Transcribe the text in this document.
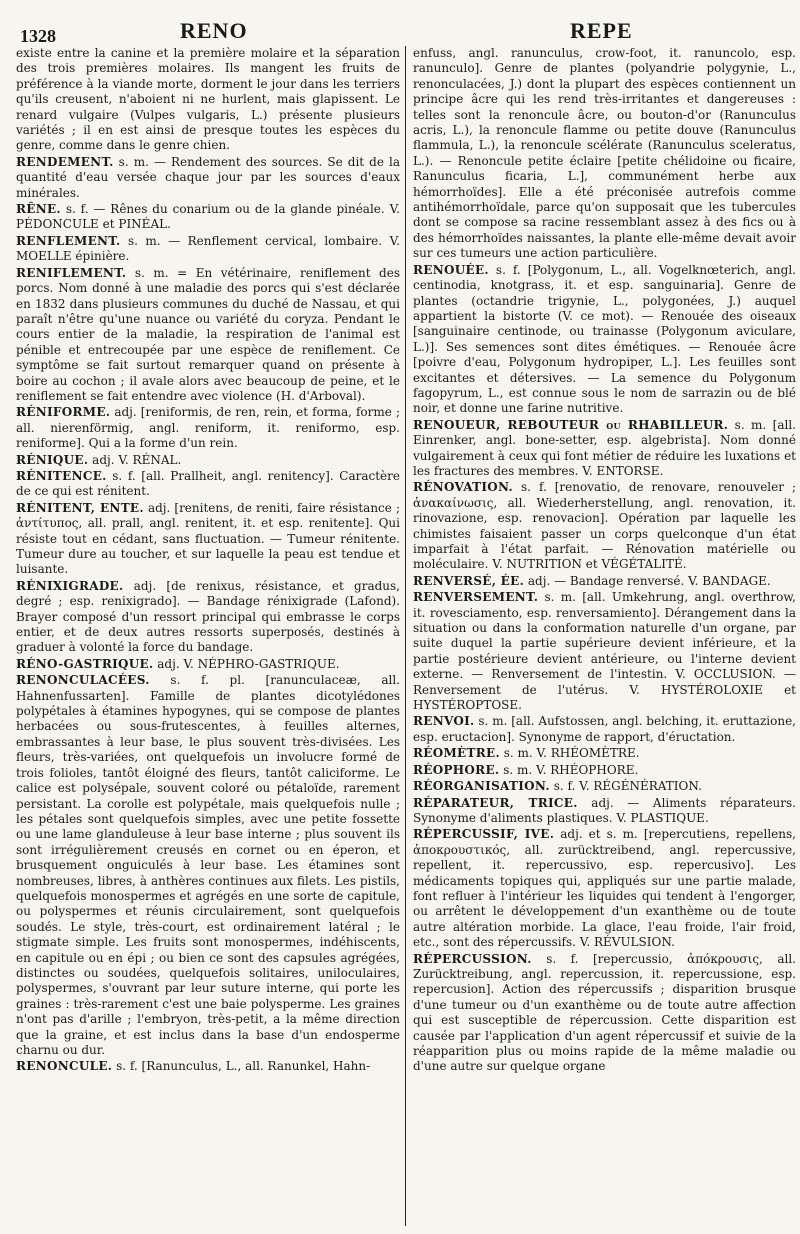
1328	RENO	REPE

existe entre la canine et la première molaire et la séparation des trois premières molaires. Ils mangent les fruits de préférence à la viande morte, dorment le jour dans les terriers qu'ils creusent, n'aboient ni ne hurlent, mais glapissent. Le renard vulgaire (Vulpes vulgaris, L.) présente plusieurs variétés ; il en est ainsi de presque toutes les espèces du genre, comme dans le genre chien.

RENDEMENT. s. m. — Rendement des sources. Se dit de la quantité d'eau versée chaque jour par les sources d'eaux minérales.

RÊNE. s. f. — Rênes du conarium ou de la glande pinéale. V. PÉDONCULE et PINÉAL.

RENFLEMENT. s. m. — Renflement cervical, lombaire. V. MOELLE épinière.

RENIFLEMENT. s. m. = En vétérinaire, reniflement des porcs. Nom donné à une maladie des porcs qui s'est déclarée en 1832 dans plusieurs communes du duché de Nassau, et qui paraît n'être qu'une nuance ou variété du coryza. Pendant le cours entier de la maladie, la respiration de l'animal est pénible et entrecoupée par une espèce de reniflement. Ce symptôme se fait surtout remarquer quand on présente à boire au cochon ; il avale alors avec beaucoup de peine, et le reniflement se fait entendre avec violence (H. d'Arboval).

RÉNIFORME. adj. [reniformis, de ren, rein, et forma, forme ; all. nierenförmig, angl. reniform, it. reniformo, esp. reniforme]. Qui a la forme d'un rein.

RÉNIQUE. adj. V. RÉNAL.

RÉNITENCE. s. f. [all. Prallheit, angl. renitency]. Caractère de ce qui est rénitent.

RÉNITENT, ENTE. adj. [renitens, de reniti, faire résistance ; ἀντίτυπος, all. prall, angl. renitent, it. et esp. renitente]. Qui résiste tout en cédant, sans fluctuation. — Tumeur rénitente. Tumeur dure au toucher, et sur laquelle la peau est tendue et luisante.

RÉNIXIGRADE. adj. [de renixus, résistance, et gradus, degré ; esp. renixigrado]. — Bandage rénixigrade (Lafond). Brayer composé d'un ressort principal qui embrasse le corps entier, et de deux autres ressorts superposés, destinés à graduer à volonté la force du bandage.

RÉNO-GASTRIQUE. adj. V. NÉPHRO-GASTRIQUE.

RENONCULACÉES. s. f. pl. [ranunculaceæ, all. Hahnenfussarten]. Famille de plantes dicotylédones polypétales à étamines hypogynes, qui se compose de plantes herbacées ou sous-frutescentes, à feuilles alternes, embrassantes à leur base, le plus souvent très-divisées. Les fleurs, très-variées, ont quelquefois un involucre formé de trois folioles, tantôt éloigné des fleurs, tantôt caliciforme. Le calice est polysépale, souvent coloré ou pétaloïde, rarement persistant. La corolle est polypétale, mais quelquefois nulle ; les pétales sont quelquefois simples, avec une petite fossette ou une lame glanduleuse à leur base interne ; plus souvent ils sont irrégulièrement creusés en cornet ou en éperon, et brusquement onguiculés à leur base. Les étamines sont nombreuses, libres, à anthères continues aux filets. Les pistils, quelquefois monospermes et agrégés en une sorte de capitule, ou polyspermes et réunis circulairement, sont quelquefois soudés. Le style, très-court, est ordinairement latéral ; le stigmate simple. Les fruits sont monospermes, indéhiscents, en capitule ou en épi ; ou bien ce sont des capsules agrégées, distinctes ou soudées, quelquefois solitaires, uniloculaires, polyspermes, s'ouvrant par leur suture interne, qui porte les graines : très-rarement c'est une baie polysperme. Les graines n'ont pas d'arille ; l'embryon, très-petit, a la même direction que la graine, et est inclus dans la base d'un endosperme charnu ou dur.

RENONCULE. s. f. [Ranunculus, L., all. Ranunkel, Hahn-

enfuss, angl. ranunculus, crow-foot, it. ranuncolo, esp. ranunculo]. Genre de plantes (polyandrie polygynie, L., renonculacées, J.) dont la plupart des espèces contiennent un principe âcre qui les rend très-irritantes et dangereuses : telles sont la renoncule âcre, ou bouton-d'or (Ranunculus acris, L.), la renoncule flamme ou petite douve (Ranunculus flammula, L.), la renoncule scélérate (Ranunculus sceleratus, L.). — Renoncule petite éclaire [petite chélidoine ou ficaire, Ranunculus ficaria, L.], communément herbe aux hémorrhoïdes]. Elle a été préconisée autrefois comme antihémorrhoïdale, parce qu'on supposait que les tubercules dont se compose sa racine ressemblant assez à des fics ou à des hémorrhoïdes naissantes, la plante elle-même devait avoir sur ces tumeurs une action particulière.

RENOUÉE. s. f. [Polygonum, L., all. Vogelknœterich, angl. centinodia, knotgrass, it. et esp. sanguinaria]. Genre de plantes (octandrie trigynie, L., polygonées, J.) auquel appartient la bistorte (V. ce mot). — Renouée des oiseaux [sanguinaire centinode, ou trainasse (Polygonum aviculare, L.)]. Ses semences sont dites émétiques. — Renouée âcre [poivre d'eau, Polygonum hydropiper, L.]. Les feuilles sont excitantes et détersives. — La semence du Polygonum fagopyrum, L., est connue sous le nom de sarrazin ou de blé noir, et donne une farine nutritive.

RENOUEUR, REBOUTEUR ou RHABILLEUR. s. m. [all. Einrenker, angl. bone-setter, esp. algebrista]. Nom donné vulgairement à ceux qui font métier de réduire les luxations et les fractures des membres. V. ENTORSE.

RÉNOVATION. s. f. [renovatio, de renovare, renouveler ; ἀνακαίνωσις, all. Wiederherstellung, angl. renovation, it. rinovazione, esp. renovacion]. Opération par laquelle les chimistes faisaient passer un corps quelconque d'un état imparfait à l'état parfait. — Rénovation matérielle ou moléculaire. V. NUTRITION et VÉGÉTALITÉ.

RENVERSÉ, ÉE. adj. — Bandage renversé. V. BANDAGE.

RENVERSEMENT. s. m. [all. Umkehrung, angl. overthrow, it. rovesciamento, esp. renversamiento]. Dérangement dans la situation ou dans la conformation naturelle d'un organe, par suite duquel la partie supérieure devient inférieure, et la partie postérieure devient antérieure, ou l'interne devient externe. — Renversement de l'intestin. V. OCCLUSION. — Renversement de l'utérus. V. HYSTÉROLOXIE et HYSTÉROPTOSE.

RENVOI. s. m. [all. Aufstossen, angl. belching, it. eruttazione, esp. eructacion]. Synonyme de rapport, d'éructation.

RÉOMÈTRE. s. m. V. RHÉOMÈTRE.

RÉOPHORE. s. m. V. RHÉOPHORE.

RÉORGANISATION. s. f. V. RÉGÉNÉRATION.

RÉPARATEUR, TRICE. adj. — Aliments réparateurs. Synonyme d'aliments plastiques. V. PLASTIQUE.

RÉPERCUSSIF, IVE. adj. et s. m. [repercutiens, repellens, ἀποκρουστικός, all. zurücktreibend, angl. repercussive, repellent, it. repercussivo, esp. repercusivo]. Les médicaments topiques qui, appliqués sur une partie malade, font refluer à l'intérieur les liquides qui tendent à l'engorger, ou arrêtent le développement d'un exanthème ou de toute autre altération morbide. La glace, l'eau froide, l'air froid, etc., sont des répercussifs. V. RÉVULSION.

RÉPERCUSSION. s. f. [repercussio, ἀπόκρουσις, all. Zurücktreibung, angl. repercussion, it. repercussione, esp. repercusion]. Action des répercussifs ; disparition brusque d'une tumeur ou d'un exanthème ou de toute autre affection qui est susceptible de répercussion. Cette disparition est causée par l'application d'un agent répercussif et suivie de la réapparition plus ou moins rapide de la même maladie ou d'une autre sur quelque organe
